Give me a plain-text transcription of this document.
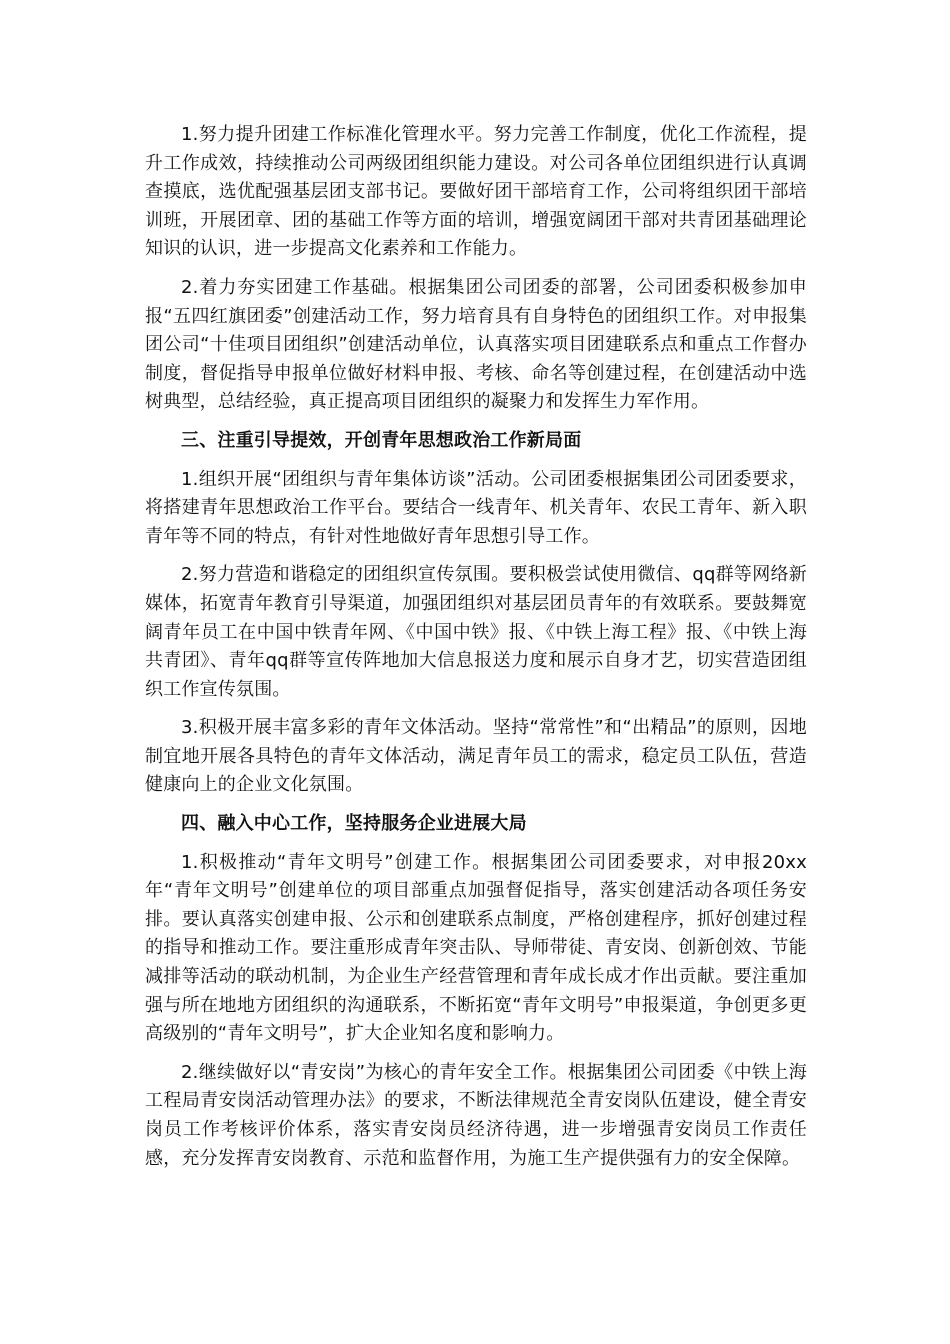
1.努力提升团建工作标准化管理水平。努力完善工作制度，优化工作流程，提升工作成效，持续推动公司两级团组织能力建设。对公司各单位团组织进行认真调查摸底，选优配强基层团支部书记。要做好团干部培育工作，公司将组织团干部培训班，开展团章、团的基础工作等方面的培训，增强宽阔团干部对共青团基础理论知识的认识，进一步提高文化素养和工作能力。

2.着力夯实团建工作基础。根据集团公司团委的部署，公司团委积极参加申报“五四红旗团委”创建活动工作，努力培育具有自身特色的团组织工作。对申报集团公司“十佳项目团组织”创建活动单位，认真落实项目团建联系点和重点工作督办制度，督促指导申报单位做好材料申报、考核、命名等创建过程，在创建活动中选树典型，总结经验，真正提高项目团组织的凝聚力和发挥生力军作用。

三、注重引导提效，开创青年思想政治工作新局面

1.组织开展“团组织与青年集体访谈”活动。公司团委根据集团公司团委要求，将搭建青年思想政治工作平台。要结合一线青年、机关青年、农民工青年、新入职青年等不同的特点，有针对性地做好青年思想引导工作。

2.努力营造和谐稳定的团组织宣传氛围。要积极尝试使用微信、qq群等网络新媒体，拓宽青年教育引导渠道，加强团组织对基层团员青年的有效联系。要鼓舞宽阔青年员工在中国中铁青年网、《中国中铁》报、《中铁上海工程》报、《中铁上海共青团》、青年qq群等宣传阵地加大信息报送力度和展示自身才艺，切实营造团组织工作宣传氛围。

3.积极开展丰富多彩的青年文体活动。坚持“常常性”和“出精品”的原则，因地制宜地开展各具特色的青年文体活动，满足青年员工的需求，稳定员工队伍，营造健康向上的企业文化氛围。

四、融入中心工作，坚持服务企业进展大局

1.积极推动“青年文明号”创建工作。根据集团公司团委要求，对申报20xx年“青年文明号”创建单位的项目部重点加强督促指导，落实创建活动各项任务安排。要认真落实创建申报、公示和创建联系点制度，严格创建程序，抓好创建过程的指导和推动工作。要注重形成青年突击队、导师带徒、青安岗、创新创效、节能减排等活动的联动机制，为企业生产经营管理和青年成长成才作出贡献。要注重加强与所在地地方团组织的沟通联系，不断拓宽“青年文明号”申报渠道，争创更多更高级别的“青年文明号”，扩大企业知名度和影响力。

2.继续做好以“青安岗”为核心的青年安全工作。根据集团公司团委《中铁上海工程局青安岗活动管理办法》的要求，不断法律规范全青安岗队伍建设，健全青安岗员工作考核评价体系，落实青安岗员经济待遇，进一步增强青安岗员工作责任感，充分发挥青安岗教育、示范和监督作用，为施工生产提供强有力的安全保障。
